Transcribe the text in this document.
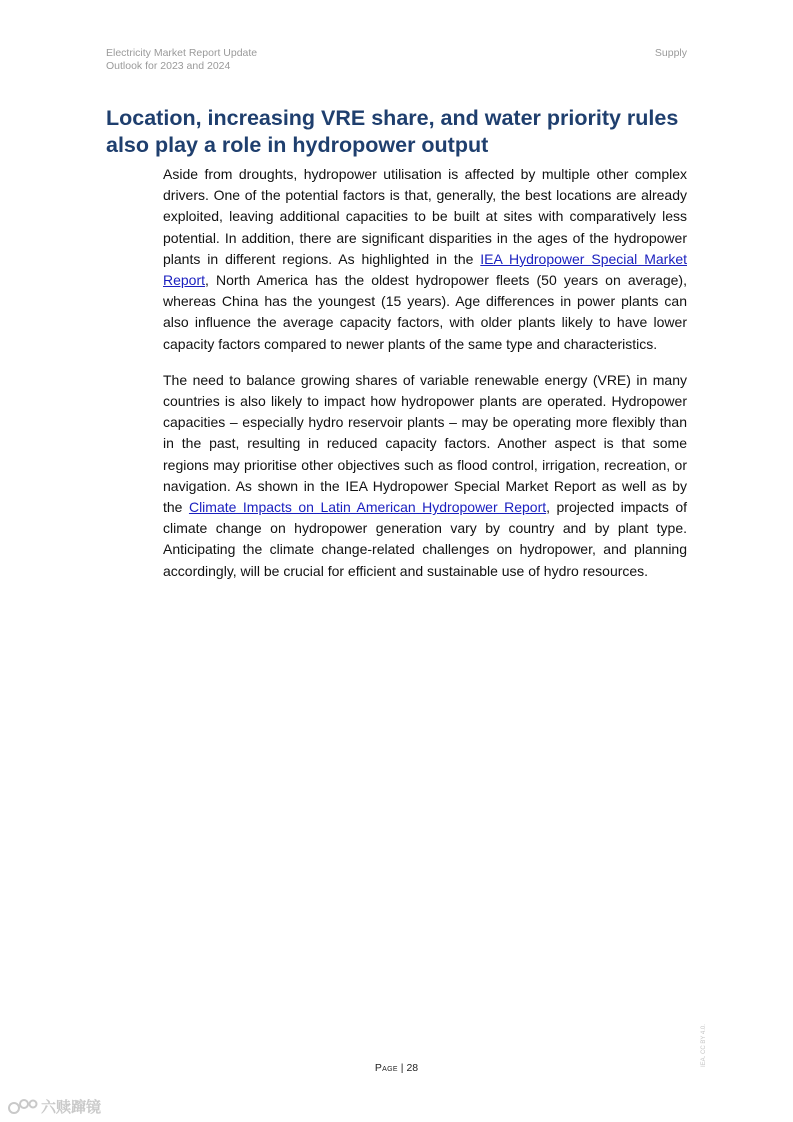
Electricity Market Report Update
Outlook for 2023 and 2024
Supply
Location, increasing VRE share, and water priority rules also play a role in hydropower output

Aside from droughts, hydropower utilisation is affected by multiple other complex drivers. One of the potential factors is that, generally, the best locations are already exploited, leaving additional capacities to be built at sites with comparatively less potential. In addition, there are significant disparities in the ages of the hydropower plants in different regions. As highlighted in the IEA Hydropower Special Market Report, North America has the oldest hydropower fleets (50 years on average), whereas China has the youngest (15 years). Age differences in power plants can also influence the average capacity factors, with older plants likely to have lower capacity factors compared to newer plants of the same type and characteristics.

The need to balance growing shares of variable renewable energy (VRE) in many countries is also likely to impact how hydropower plants are operated. Hydropower capacities – especially hydro reservoir plants – may be operating more flexibly than in the past, resulting in reduced capacity factors. Another aspect is that some regions may prioritise other objectives such as flood control, irrigation, recreation, or navigation. As shown in the IEA Hydropower Special Market Report as well as by the Climate Impacts on Latin American Hydropower Report, projected impacts of climate change on hydropower generation vary by country and by plant type. Anticipating the climate change-related challenges on hydropower, and planning accordingly, will be crucial for efficient and sustainable use of hydro resources.

Page | 28
IEA. CC BY 4.0.
六赎蹿镜
